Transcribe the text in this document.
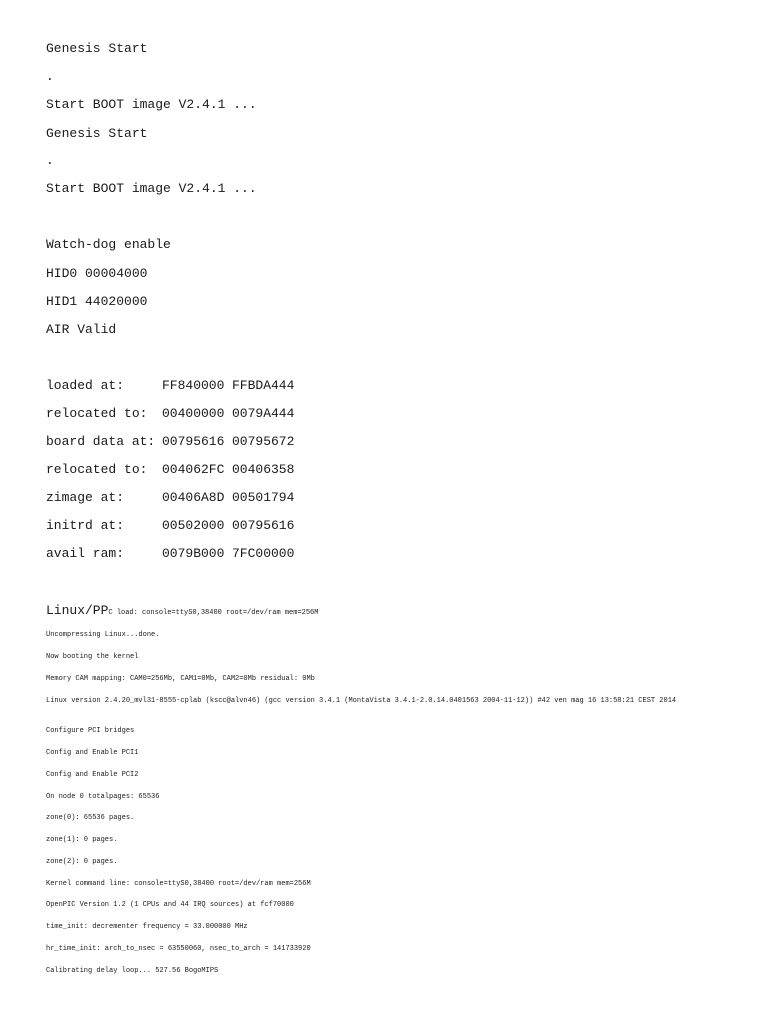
Genesis Start

.

Start BOOT image V2.4.1 ...

Genesis Start

.

Start BOOT image V2.4.1 ...

Watch-dog enable

HID0 00004000

HID1 44020000

AIR Valid

loaded at:	FF840000 FFBDA444

relocated to: 00400000 0079A444

board data at: 00795616 00795672

relocated to: 004062FC 00406358

zimage at:	00406A8D 00501794

initrd at:	00502000 00795616

avail ram:	0079B000 7FC00000

Linux/PPC load: console=ttyS0,38400 root=/dev/ram mem=256M

Uncompressing Linux...done.

Now booting the kernel

Memory CAM mapping: CAM0=256Mb, CAM1=0Mb, CAM2=0Mb residual: 0Mb

Linux version 2.4.20_mvl31-8555-cplab (kscc@alvn46) (gcc version 3.4.1 (MontaVista 3.4.1-2.0.14.0401563 2004-11-12)) #42 ven mag 16 13:58:21 CEST 2014

Configure PCI bridges

Config and Enable PCI1

Config and Enable PCI2

On node 0 totalpages: 65536

zone(0): 65536 pages.

zone(1): 0 pages.

zone(2): 0 pages.

Kernel command line: console=ttyS0,38400 root=/dev/ram mem=256M

OpenPIC Version 1.2 (1 CPUs and 44 IRQ sources) at fcf70000

time_init: decrementer frequency = 33.000000 MHz

hr_time_init: arch_to_nsec = 63550060, nsec_to_arch = 141733920

Calibrating delay loop... 527.56 BogoMIPS
